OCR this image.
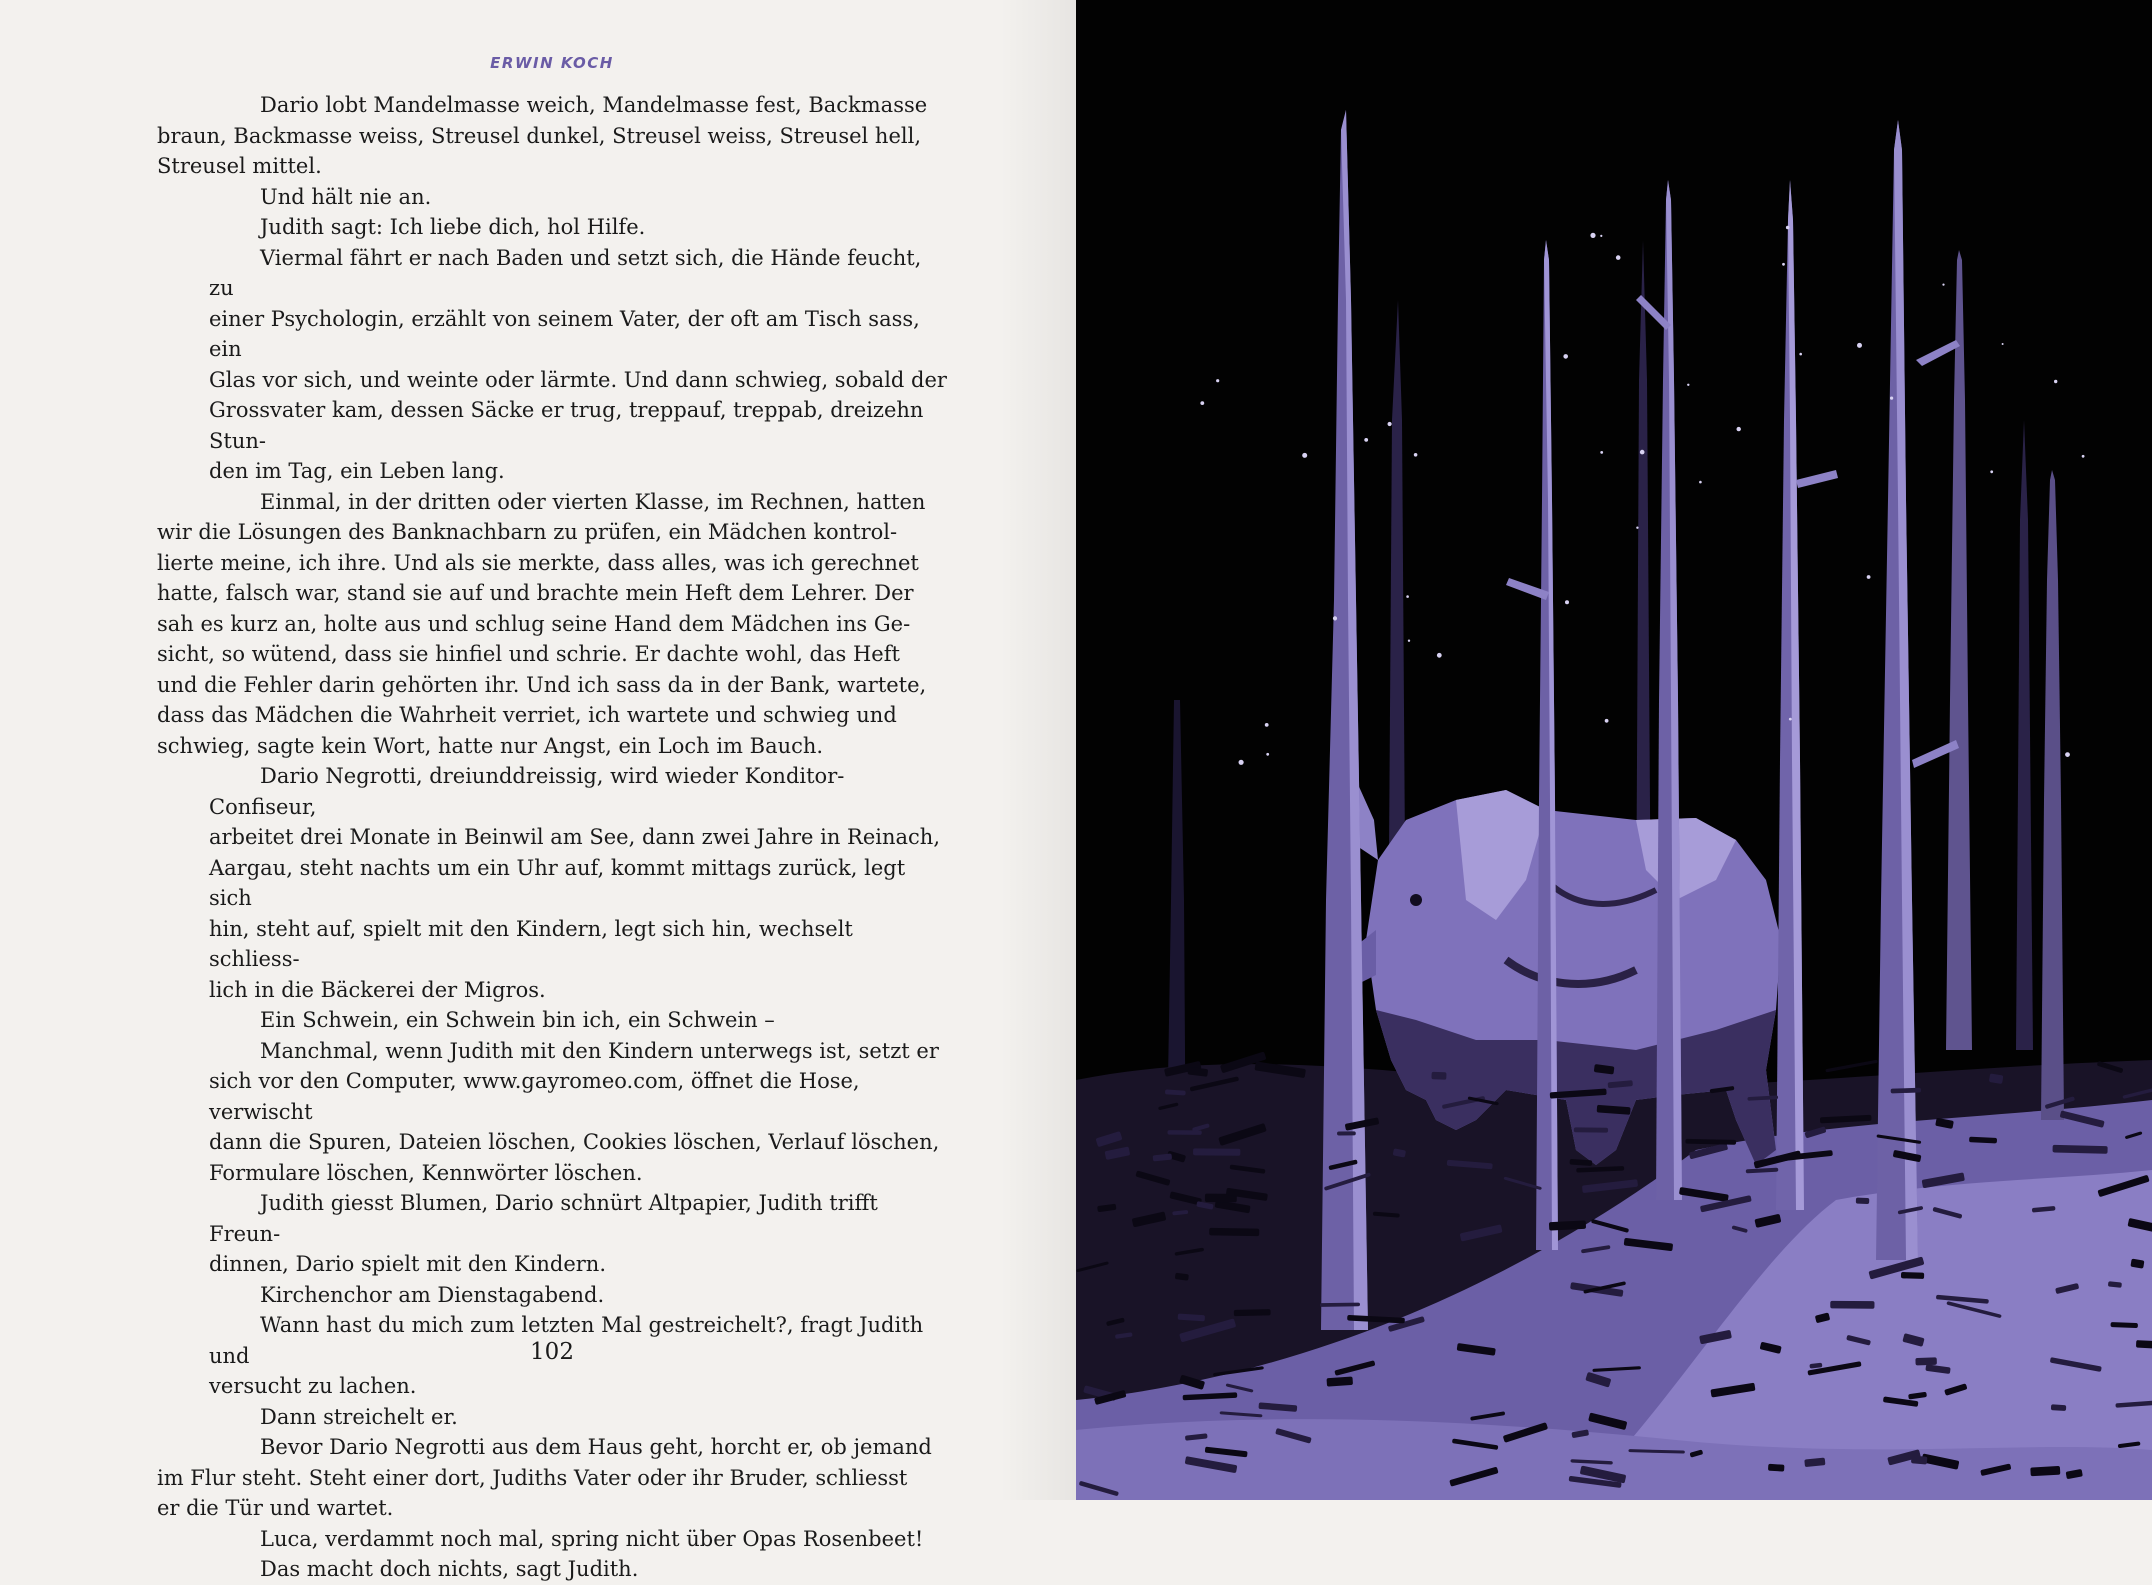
ERWIN KOCH

Dario lobt Mandelmasse weich, Mandelmasse fest, Backmasse
braun, Backmasse weiss, Streusel dunkel, Streusel weiss, Streusel hell,
Streusel mittel.

Und hält nie an.

Judith sagt: Ich liebe dich, hol Hilfe.

Viermal fährt er nach Baden und setzt sich, die Hände feucht, zu
einer Psychologin, erzählt von seinem Vater, der oft am Tisch sass, ein
Glas vor sich, und weinte oder lärmte. Und dann schwieg, sobald der
Grossvater kam, dessen Säcke er trug, treppauf, treppab, dreizehn Stun-
den im Tag, ein Leben lang.

Einmal, in der dritten oder vierten Klasse, im Rechnen, hatten
wir die Lösungen des Banknachbarn zu prüfen, ein Mädchen kontrol-
lierte meine, ich ihre. Und als sie merkte, dass alles, was ich gerechnet
hatte, falsch war, stand sie auf und brachte mein Heft dem Lehrer. Der
sah es kurz an, holte aus und schlug seine Hand dem Mädchen ins Ge-
sicht, so wütend, dass sie hinfiel und schrie. Er dachte wohl, das Heft
und die Fehler darin gehörten ihr. Und ich sass da in der Bank, wartete,
dass das Mädchen die Wahrheit verriet, ich wartete und schwieg und
schwieg, sagte kein Wort, hatte nur Angst, ein Loch im Bauch.

Dario Negrotti, dreiunddreissig, wird wieder Konditor-Confiseur,
arbeitet drei Monate in Beinwil am See, dann zwei Jahre in Reinach,
Aargau, steht nachts um ein Uhr auf, kommt mittags zurück, legt sich
hin, steht auf, spielt mit den Kindern, legt sich hin, wechselt schliess-
lich in die Bäckerei der Migros.

Ein Schwein, ein Schwein bin ich, ein Schwein –

Manchmal, wenn Judith mit den Kindern unterwegs ist, setzt er
sich vor den Computer, www.gayromeo.com, öffnet die Hose, verwischt
dann die Spuren, Dateien löschen, Cookies löschen, Verlauf löschen,
Formulare löschen, Kennwörter löschen.

Judith giesst Blumen, Dario schnürt Altpapier, Judith trifft Freun-
dinnen, Dario spielt mit den Kindern.

Kirchenchor am Dienstagabend.

Wann hast du mich zum letzten Mal gestreichelt?, fragt Judith und
versucht zu lachen.

Dann streichelt er.

Bevor Dario Negrotti aus dem Haus geht, horcht er, ob jemand
im Flur steht. Steht einer dort, Judiths Vater oder ihr Bruder, schliesst
er die Tür und wartet.

Luca, verdammt noch mal, spring nicht über Opas Rosenbeet!

Das macht doch nichts, sagt Judith.

102
